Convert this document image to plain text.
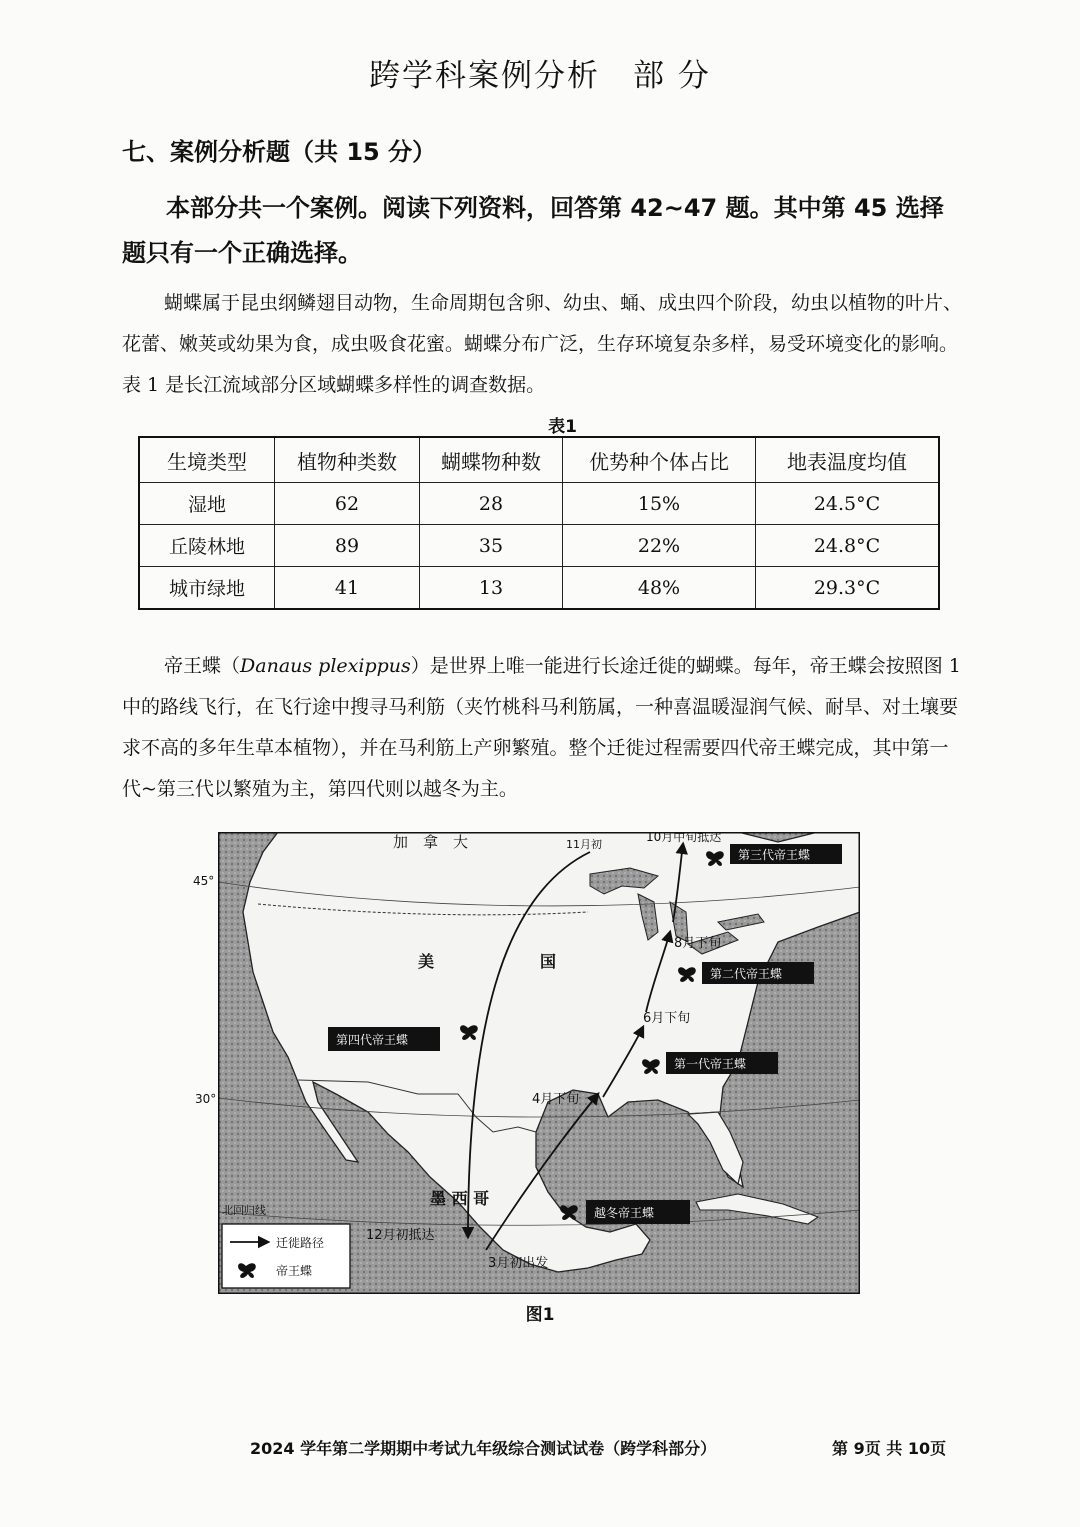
跨学科案例分析　部 分
七、案例分析题（共 15 分）
本部分共一个案例。阅读下列资料，回答第 42~47 题。其中第 45 选择题只有一个正确选择。
蝴蝶属于昆虫纲鳞翅目动物，生命周期包含卵、幼虫、蛹、成虫四个阶段，幼虫以植物的叶片、花蕾、嫩荚或幼果为食，成虫吸食花蜜。蝴蝶分布广泛，生存环境复杂多样，易受环境变化的影响。表 1 是长江流域部分区域蝴蝶多样性的调查数据。
表1
生境类型	植物种类数	蝴蝶物种数	优势种个体占比	地表温度均值
湿地	62	28	15%	24.5°C
丘陵林地	89	35	22%	24.8°C
城市绿地	41	13	48%	29.3°C
帝王蝶（Danaus plexippus）是世界上唯一能进行长途迁徙的蝴蝶。每年，帝王蝶会按照图 1 中的路线飞行，在飞行途中搜寻马利筋（夹竹桃科马利筋属，一种喜温暖湿润气候、耐旱、对土壤要求不高的多年生草本植物），并在马利筋上产卵繁殖。整个迁徙过程需要四代帝王蝶完成，其中第一代~第三代以繁殖为主，第四代则以越冬为主。
45°
30°
加　拿　大
美	国
墨 西 哥
北回归线
10月中旬抵达
11月初
8月下旬
6月下旬
4月下旬
12月初抵达
3月初出发
第三代帝王蝶
第二代帝王蝶
第一代帝王蝶
第四代帝王蝶
越冬帝王蝶
迁徙路径
帝王蝶
图1
2024 学年第二学期期中考试九年级综合测试试卷（跨学科部分）	第 9页 共 10页
